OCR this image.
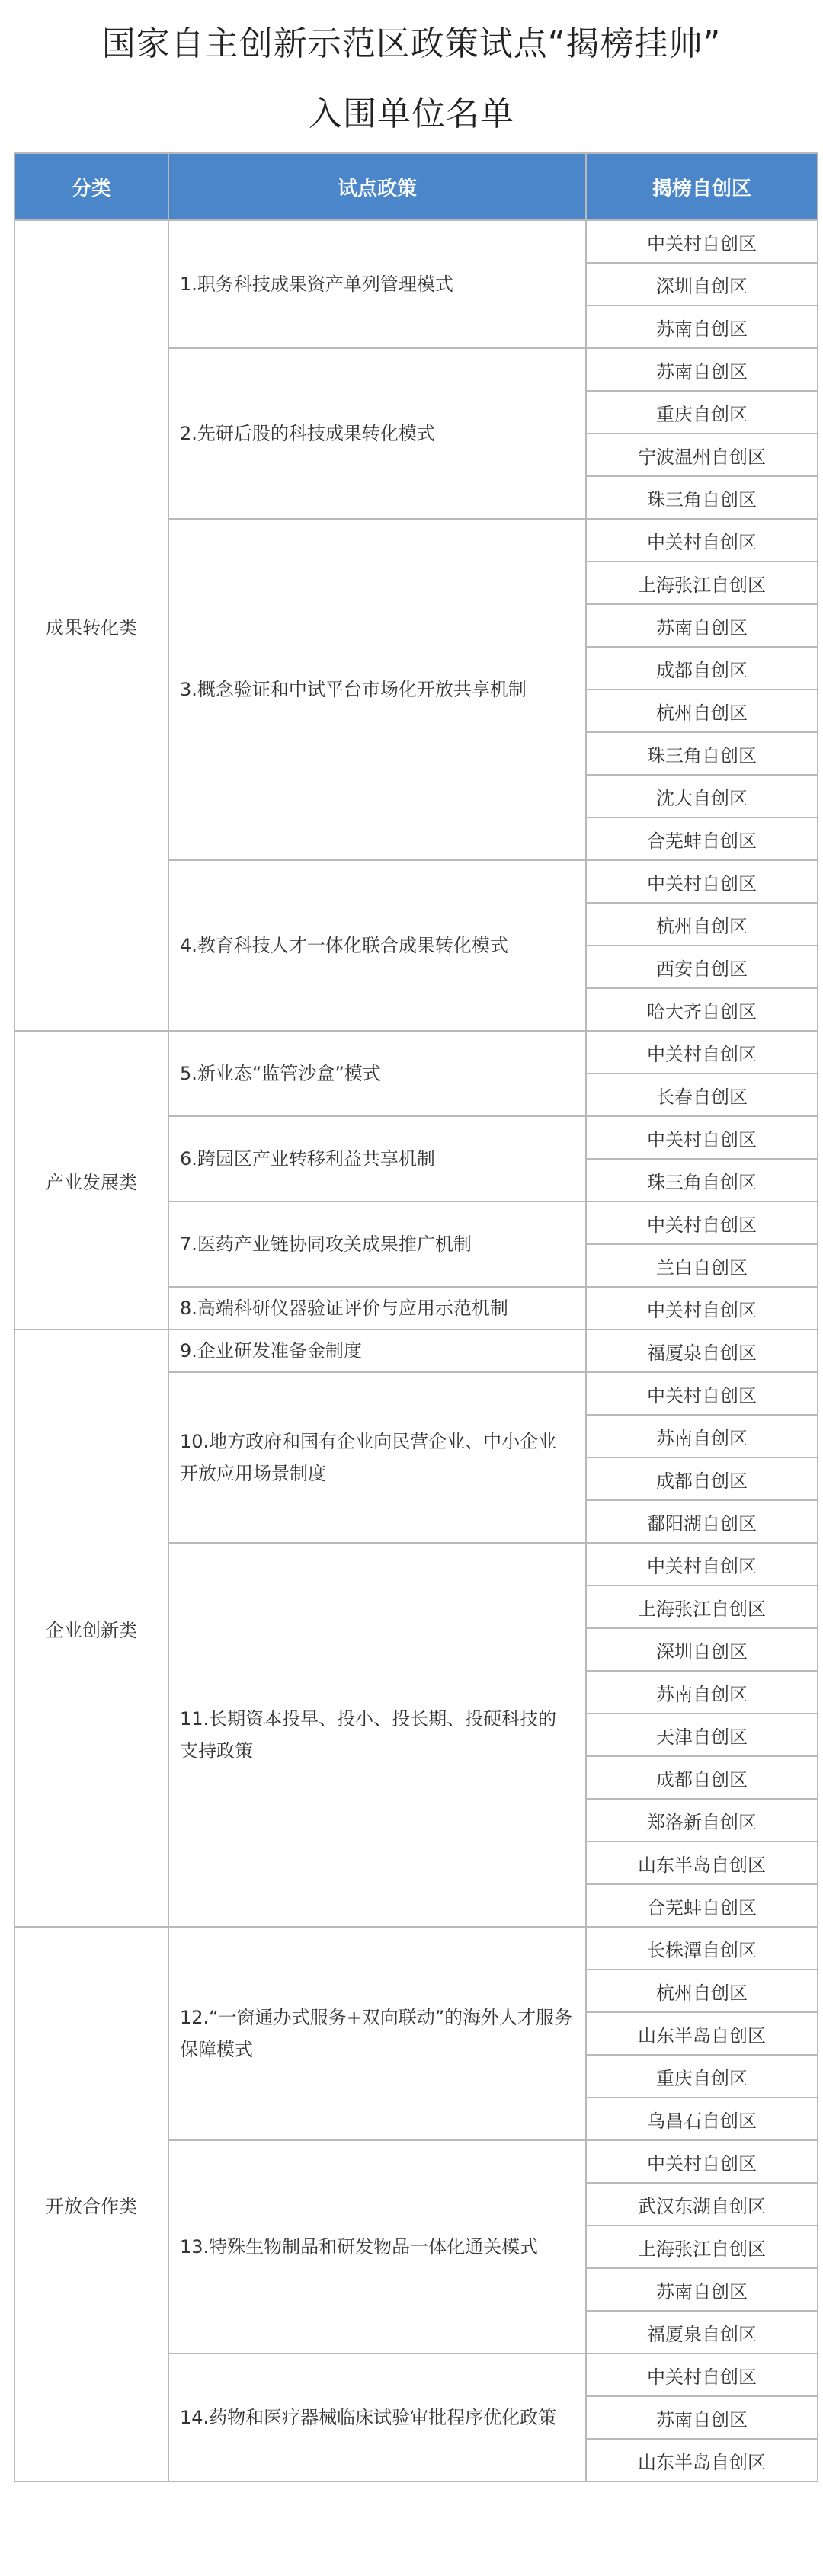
国家自主创新示范区政策试点“揭榜挂帅”
入围单位名单
分类	试点政策	揭榜自创区
成果转化类	1.职务科技成果资产单列管理模式	中关村自创区
		深圳自创区
		苏南自创区
	2.先研后股的科技成果转化模式	苏南自创区
		重庆自创区
		宁波温州自创区
		珠三角自创区
	3.概念验证和中试平台市场化开放共享机制	中关村自创区
		上海张江自创区
		苏南自创区
		成都自创区
		杭州自创区
		珠三角自创区
		沈大自创区
		合芜蚌自创区
	4.教育科技人才一体化联合成果转化模式	中关村自创区
		杭州自创区
		西安自创区
		哈大齐自创区
产业发展类	5.新业态“监管沙盒”模式	中关村自创区
		长春自创区
	6.跨园区产业转移利益共享机制	中关村自创区
		珠三角自创区
	7.医药产业链协同攻关成果推广机制	中关村自创区
		兰白自创区
	8.高端科研仪器验证评价与应用示范机制	中关村自创区
企业创新类	9.企业研发准备金制度	福厦泉自创区
	10.地方政府和国有企业向民营企业、中小企业开放应用场景制度	中关村自创区
		苏南自创区
		成都自创区
		鄱阳湖自创区
	11.长期资本投早、投小、投长期、投硬科技的支持政策	中关村自创区
		上海张江自创区
		深圳自创区
		苏南自创区
		天津自创区
		成都自创区
		郑洛新自创区
		山东半岛自创区
		合芜蚌自创区
开放合作类	12.“一窗通办式服务+双向联动”的海外人才服务保障模式	长株潭自创区
		杭州自创区
		山东半岛自创区
		重庆自创区
		乌昌石自创区
	13.特殊生物制品和研发物品一体化通关模式	中关村自创区
		武汉东湖自创区
		上海张江自创区
		苏南自创区
		福厦泉自创区
	14.药物和医疗器械临床试验审批程序优化政策	中关村自创区
		苏南自创区
		山东半岛自创区
